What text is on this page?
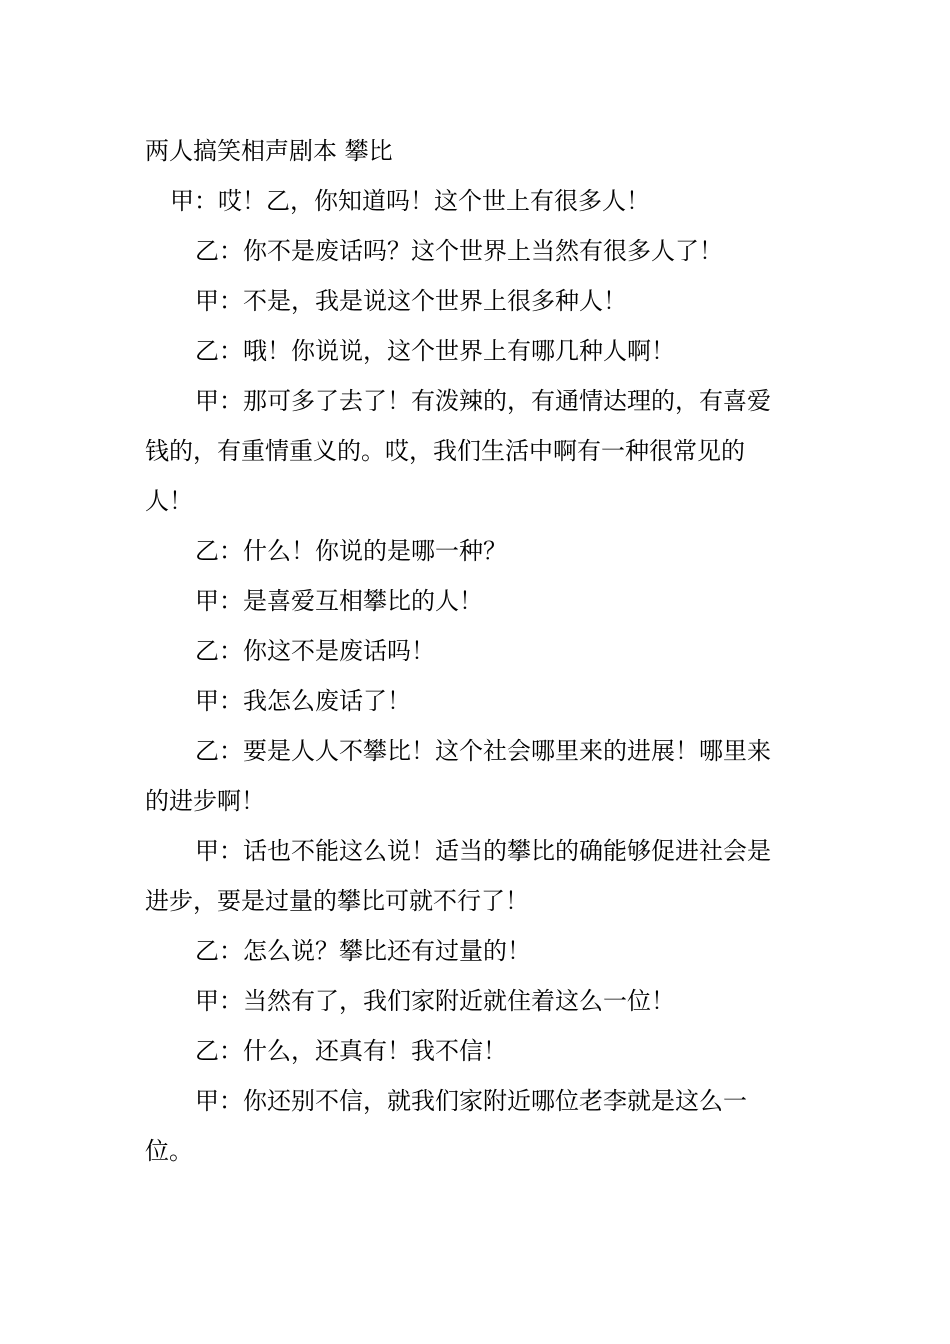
两人搞笑相声剧本 攀比

甲：哎！乙，你知道吗！这个世上有很多人！

乙：你不是废话吗？这个世界上当然有很多人了！

甲：不是，我是说这个世界上很多种人！

乙：哦！你说说，这个世界上有哪几种人啊！

甲：那可多了去了！有泼辣的，有通情达理的，有喜爱钱的，有重情重义的。哎，我们生活中啊有一种很常见的人！

乙：什么！你说的是哪一种？

甲：是喜爱互相攀比的人！

乙：你这不是废话吗！

甲：我怎么废话了！

乙：要是人人不攀比！这个社会哪里来的进展！哪里来的进步啊！

甲：话也不能这么说！适当的攀比的确能够促进社会是进步，要是过量的攀比可就不行了！

乙：怎么说？攀比还有过量的！

甲：当然有了，我们家附近就住着这么一位！

乙：什么，还真有！我不信！

甲：你还别不信，就我们家附近哪位老李就是这么一位。
